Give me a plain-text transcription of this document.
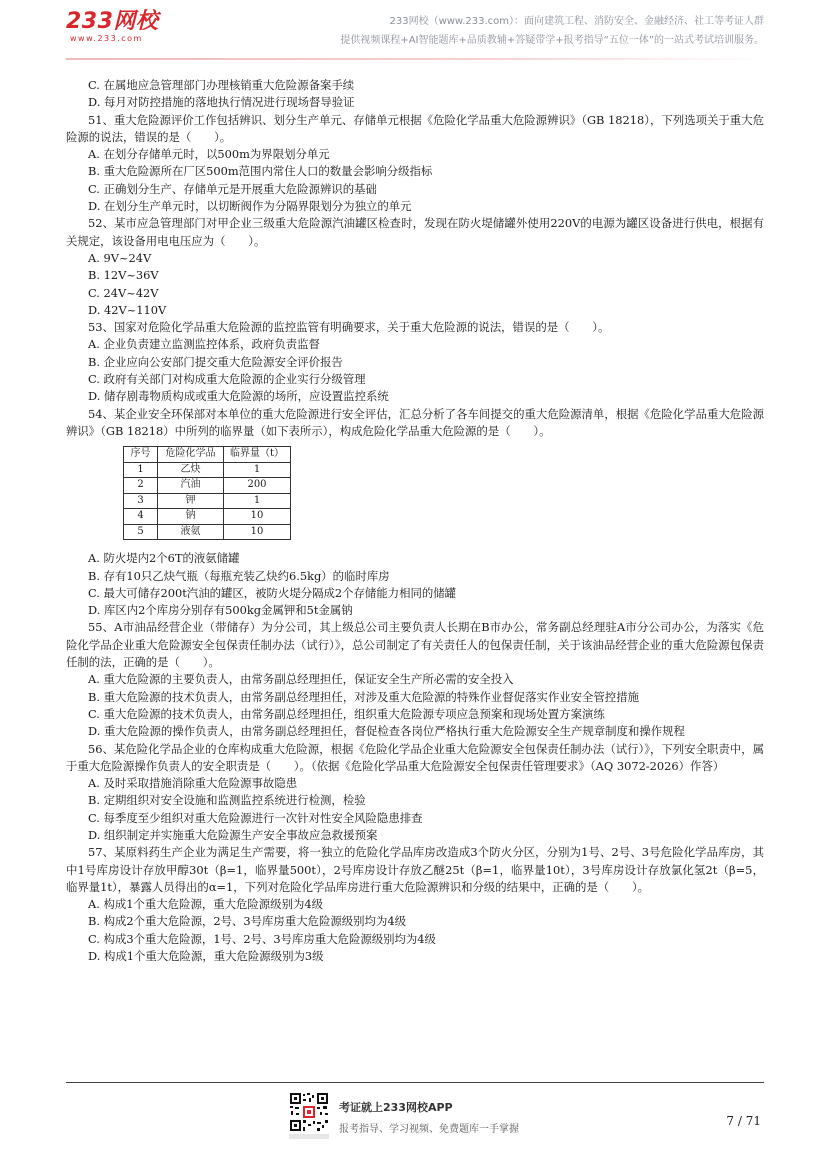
233网校
www.233.com
233网校（www.233.com）：面向建筑工程、消防安全、金融经济、社工等考证人群
提供视频课程+AI智能题库+品质教辅+答疑带学+报考指导“五位一体”的一站式考试培训服务。

C. 在属地应急管理部门办理核销重大危险源备案手续

D. 每月对防控措施的落地执行情况进行现场督导验证

51、重大危险源评价工作包括辨识、划分生产单元、存储单元根据《危险化学品重大危险源辨识》（GB 18218），下列选项关于重大危险源的说法，错误的是（　　）。

A. 在划分存储单元时，以500m为界限划分单元

B. 重大危险源所在厂区500m范围内常住人口的数量会影响分级指标

C. 正确划分生产、存储单元是开展重大危险源辨识的基础

D. 在划分生产单元时，以切断阀作为分隔界限划分为独立的单元

52、某市应急管理部门对甲企业三级重大危险源汽油罐区检查时，发现在防火堤储罐外使用220V的电源为罐区设备进行供电，根据有关规定，该设备用电电压应为（　　）。

A. 9V~24V

B. 12V~36V

C. 24V~42V

D. 42V~110V

53、国家对危险化学品重大危险源的监控监管有明确要求，关于重大危险源的说法，错误的是（　　）。

A. 企业负责建立监测监控体系，政府负责监督

B. 企业应向公安部门提交重大危险源安全评价报告

C. 政府有关部门对构成重大危险源的企业实行分级管理

D. 储存剧毒物质构成或重大危险源的场所，应设置监控系统

54、某企业安全环保部对本单位的重大危险源进行安全评估，汇总分析了各车间提交的重大危险源清单，根据《危险化学品重大危险源辨识》（GB 18218）中所列的临界量（如下表所示），构成危险化学品重大危险源的是（　　）。

序号	危险化学品	临界量（t）
1	乙炔	1
2	汽油	200
3	钾	1
4	钠	10
5	液氨	10

A. 防火堤内2个6T的液氨储罐

B. 存有10只乙炔气瓶（每瓶充装乙炔约6.5kg）的临时库房

C. 最大可储存200t汽油的罐区，被防火堤分隔成2个存储能力相同的储罐

D. 库区内2个库房分别存有500kg金属钾和5t金属钠

55、A市油品经营企业（带储存）为分公司，其上级总公司主要负责人长期在B市办公，常务副总经理驻A市分公司办公，为落实《危险化学品企业重大危险源安全包保责任制办法（试行）》，总公司制定了有关责任人的包保责任制，关于该油品经营企业的重大危险源包保责任制的法，正确的是（　　）。

A. 重大危险源的主要负责人，由常务副总经理担任，保证安全生产所必需的安全投入

B. 重大危险源的技术负责人，由常务副总经理担任，对涉及重大危险源的特殊作业督促落实作业安全管控措施

C. 重大危险源的技术负责人，由常务副总经理担任，组织重大危险源专项应急预案和现场处置方案演练

D. 重大危险源的操作负责人，由常务副总经理担任，督促检查各岗位严格执行重大危险源安全生产规章制度和操作规程

56、某危险化学品企业的仓库构成重大危险源，根据《危险化学品企业重大危险源安全包保责任制办法（试行）》，下列安全职责中，属于重大危险源操作负责人的安全职责是（　　）。（依据《危险化学品重大危险源安全包保责任管理要求》（AQ 3072-2026）作答）

A. 及时采取措施消除重大危险源事故隐患

B. 定期组织对安全设施和监测监控系统进行检测，检验

C. 每季度至少组织对重大危险源进行一次针对性安全风险隐患排查

D. 组织制定并实施重大危险源生产安全事故应急救援预案

57、某原料药生产企业为满足生产需要，将一独立的危险化学品库房改造成3个防火分区，分别为1号、2号、3号危险化学品库房，其中1号库房设计存放甲醇30t（β=1，临界量500t），2号库房设计存放乙醚25t（β=1，临界量10t），3号库房设计存放氯化氢2t（β=5，临界量1t），暴露人员得出的α=1，下列对危险化学品库房进行重大危险源辨识和分级的结果中，正确的是（　　）。

A. 构成1个重大危险源，重大危险源级别为4级

B. 构成2个重大危险源，2号、3号库房重大危险源级别均为4级

C. 构成3个重大危险源，1号、2号、3号库房重大危险源级别均为4级

D. 构成1个重大危险源，重大危险源级别为3级

考证就上233网校APP
报考指导、学习视频、免费题库一手掌握
7 / 71
